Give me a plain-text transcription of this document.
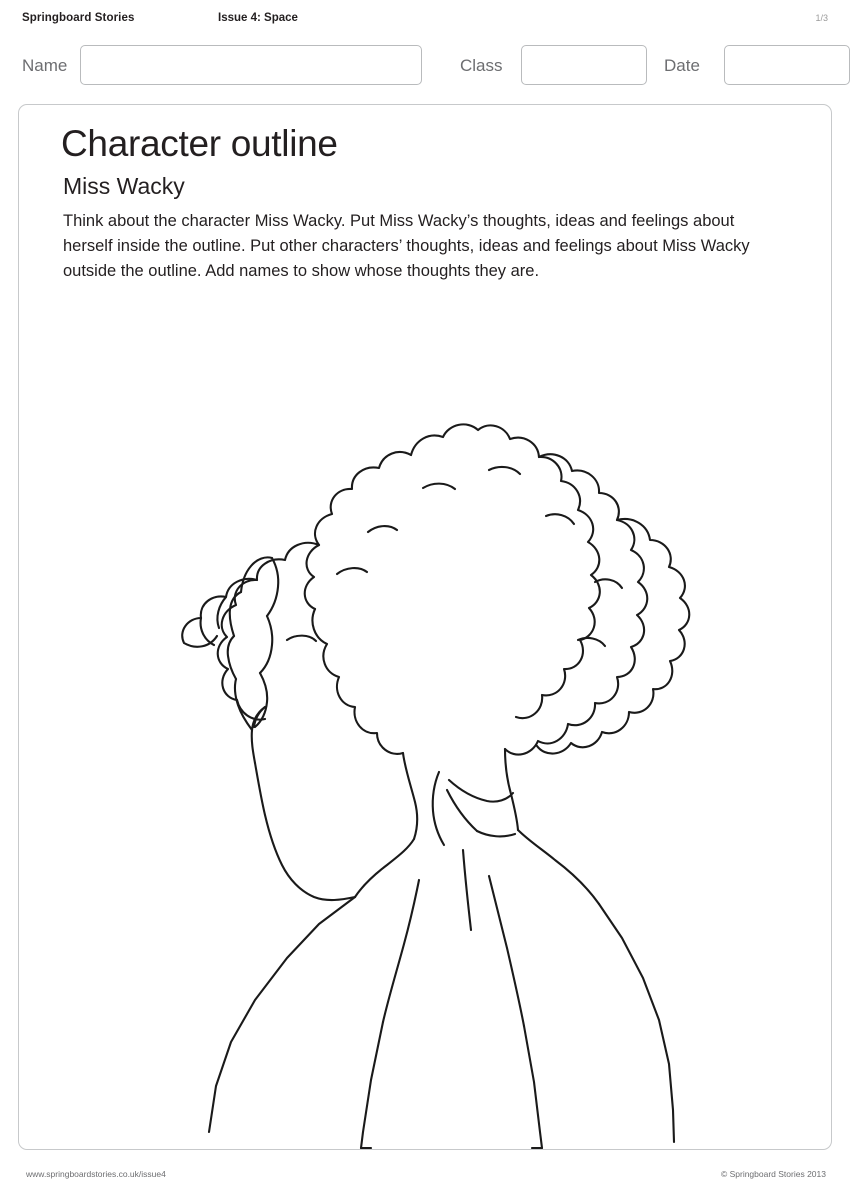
Springboard Stories	Issue 4: Space	1/3
Name	Class	Date
Character outline
Miss Wacky
Think about the character Miss Wacky. Put Miss Wacky’s thoughts, ideas and feelings about herself inside the outline. Put other characters’ thoughts, ideas and feelings about Miss Wacky outside the outline. Add names to show whose thoughts they are.
www.springboardstories.co.uk/issue4	© Springboard Stories 2013
